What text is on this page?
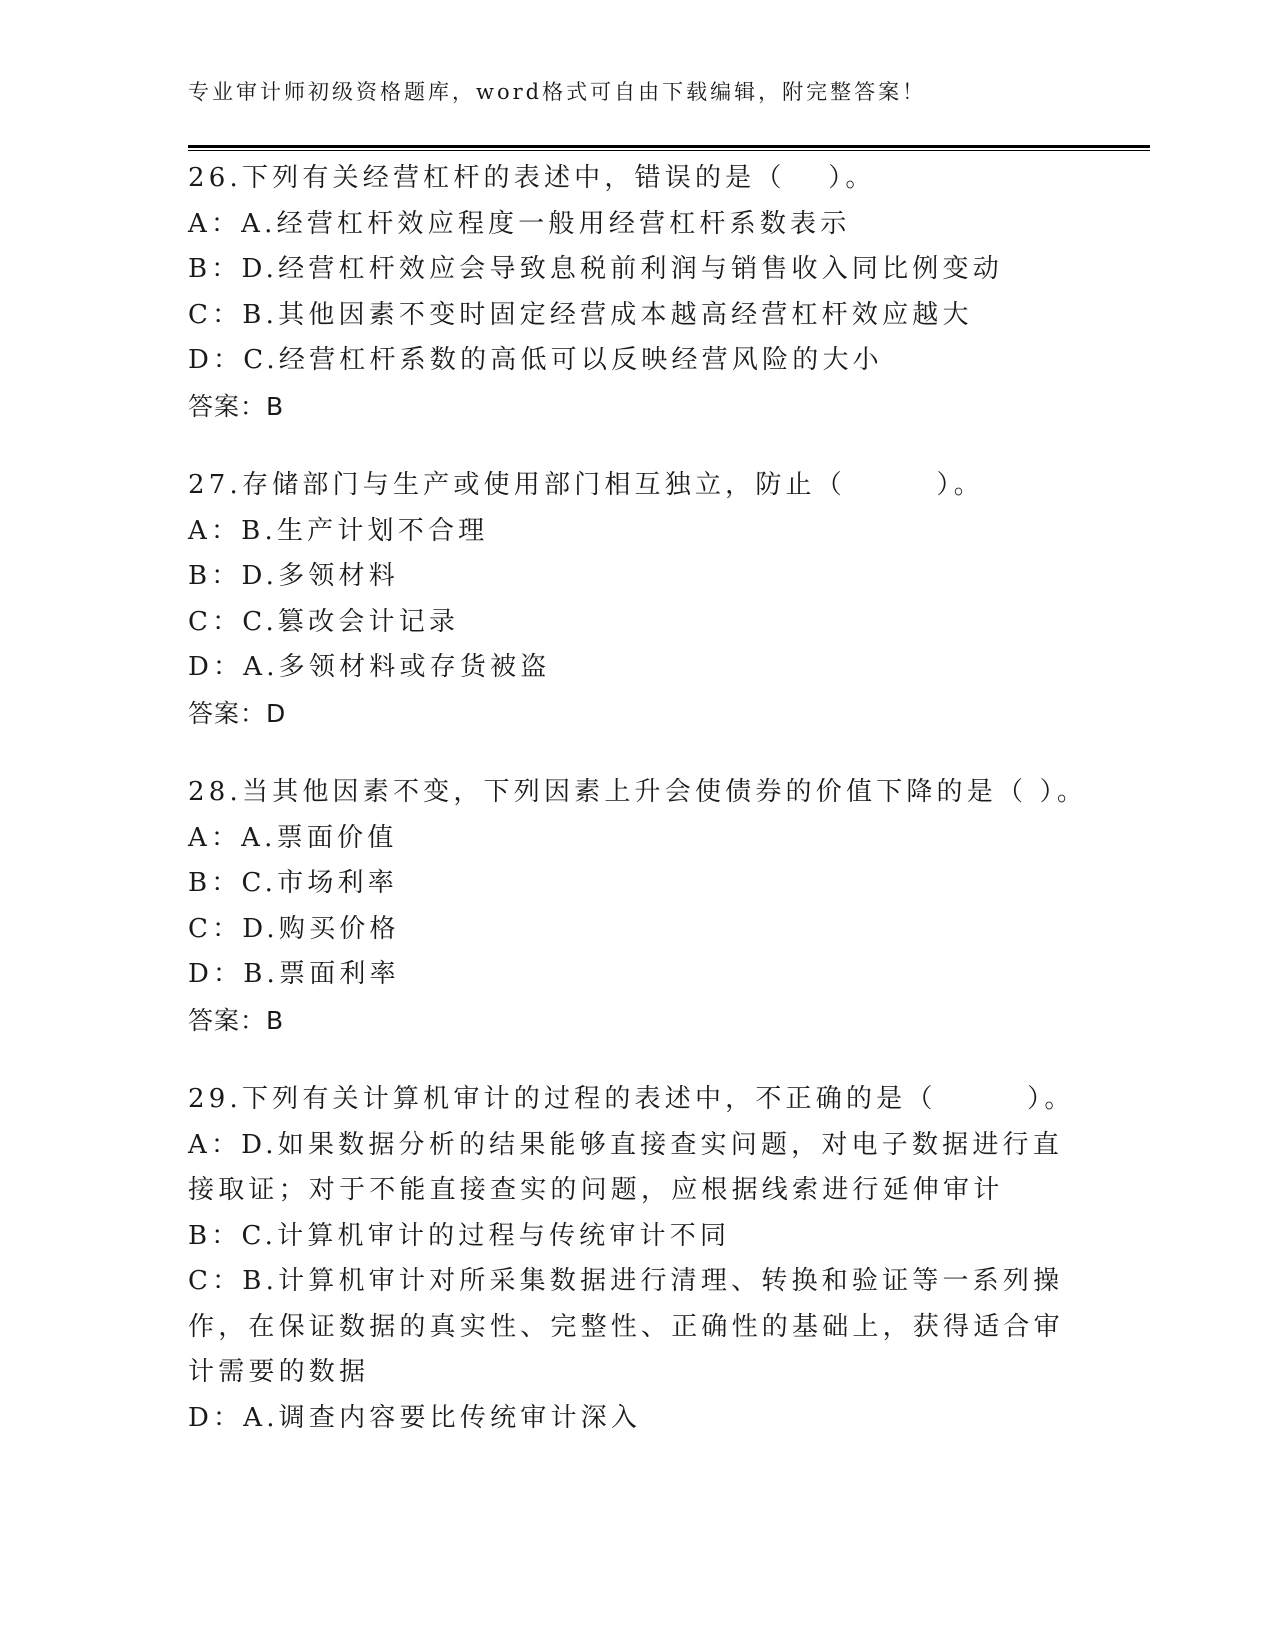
专业审计师初级资格题库，word格式可自由下载编辑，附完整答案！
26.下列有关经营杠杆的表述中，错误的是（　 ）。
A：A.经营杠杆效应程度一般用经营杠杆系数表示
B：D.经营杠杆效应会导致息税前利润与销售收入同比例变动
C：B.其他因素不变时固定经营成本越高经营杠杆效应越大
D：C.经营杠杆系数的高低可以反映经营风险的大小
答案：B
27.存储部门与生产或使用部门相互独立，防止（　　　）。
A：B.生产计划不合理
B：D.多领材料
C：C.篡改会计记录
D：A.多领材料或存货被盗
答案：D
28.当其他因素不变，下列因素上升会使债券的价值下降的是（ ）。
A：A.票面价值
B：C.市场利率
C：D.购买价格
D：B.票面利率
答案：B
29.下列有关计算机审计的过程的表述中，不正确的是（　　　）。
A：D.如果数据分析的结果能够直接查实问题，对电子数据进行直接取证；对于不能直接查实的问题，应根据线索进行延伸审计
B：C.计算机审计的过程与传统审计不同
C：B.计算机审计对所采集数据进行清理、转换和验证等一系列操作，在保证数据的真实性、完整性、正确性的基础上，获得适合审计需要的数据
D：A.调查内容要比传统审计深入
